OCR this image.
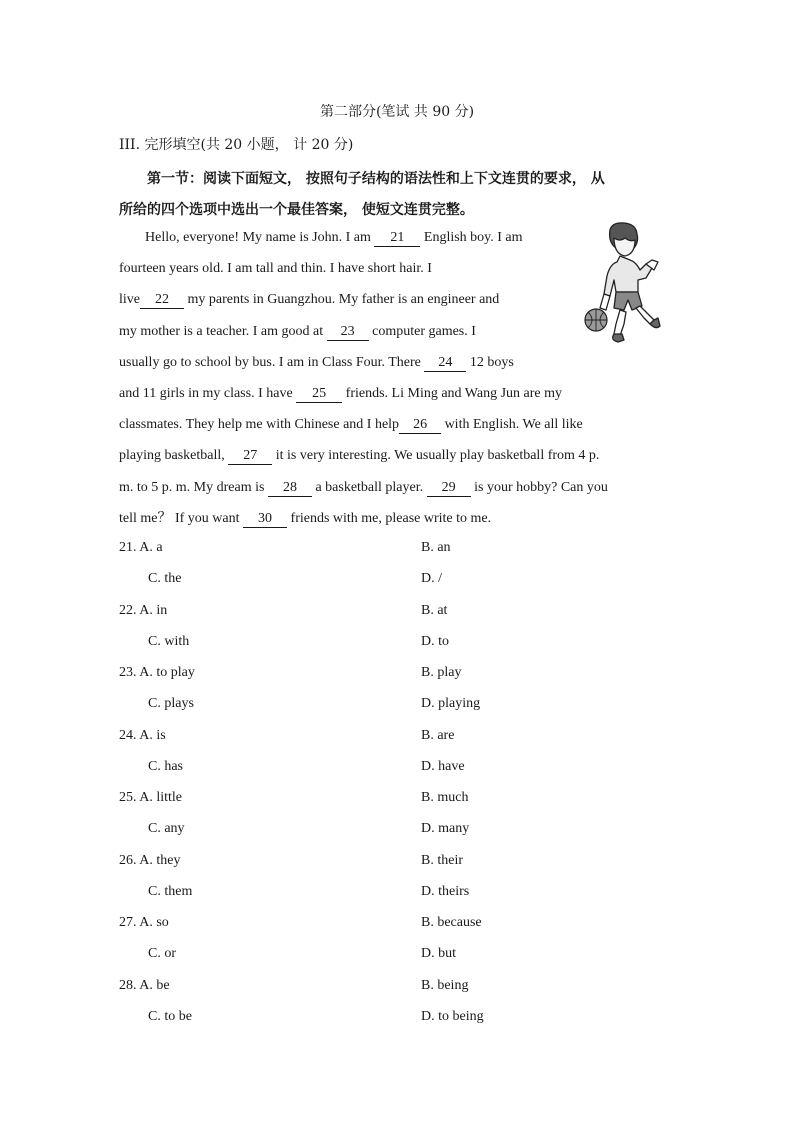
第二部分(笔试 共 90 分)
III. 完形填空(共 20 小题， 计 20 分)
第一节：阅读下面短文， 按照句子结构的语法性和上下文连贯的要求， 从
所给的四个选项中选出一个最佳答案， 使短文连贯完整。
Hello, everyone! My name is John. I am 21 English boy. I am
fourteen years old. I am tall and thin. I have short hair. I
live 22 my parents in Guangzhou. My father is an engineer and
my mother is a teacher. I am good at 23 computer games. I
usually go to school by bus. I am in Class Four. There 24 12 boys
and 11 girls in my class. I have 25 friends. Li Ming and Wang Jun are my
classmates. They help me with Chinese and I help 26 with English. We all like
playing basketball, 27 it is very interesting. We usually play basketball from 4 p.
m. to 5 p. m. My dream is 28 a basketball player. 29 is your hobby? Can you
tell me？ If you want 30 friends with me, please write to me.
21. A. a	B. an
C. the	D. /
22. A. in	B. at
C. with	D. to
23. A. to play	B. play
C. plays	D. playing
24. A. is	B. are
C. has	D. have
25. A. little	B. much
C. any	D. many
26. A. they	B. their
C. them	D. theirs
27. A. so	B. because
C. or	D. but
28. A. be	B. being
C. to be	D. to being
